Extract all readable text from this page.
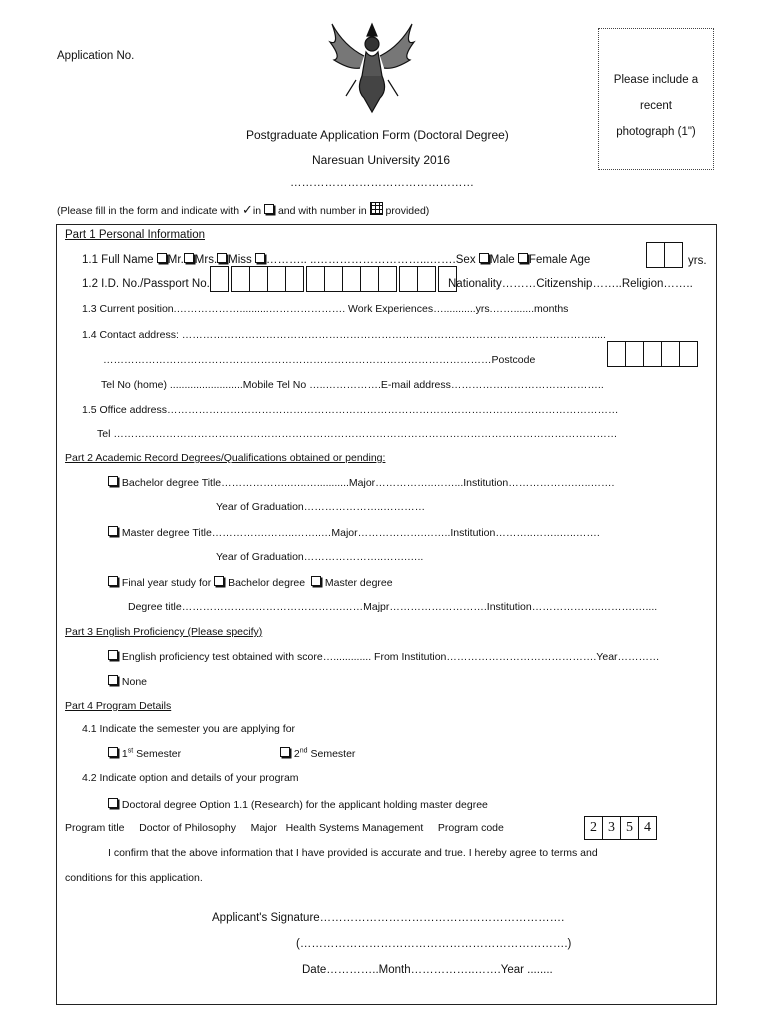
Application No.
Postgraduate Application Form (Doctoral Degree)
Naresuan University 2016
…………………………………………
Please include a
recent
photograph (1")
(Please fill in the form and indicate with ✓in and with number in provided)
Part 1 Personal Information
1.1 Full Name Mr. Mrs. Miss ……….. ..………………………...…….Sex Male Female Age	yrs.
1.2 I.D. No./Passport No.	Nationality………Citizenship……..Religion……..
1.3 Current position.………………..........…………………. Work Experiences…...........yrs.…….......months
1.4 Contact address: ……………………………………………………………………………………………………….....
…………………………………………………………………………………………………Postcode
Tel No (home) .........................Mobile Tel No …..…………….E-mail address……………………………………..
1.5 Office address…………………………………………………………………………………………………………………
Tel ………………………………………………………………………………………………………………………………
Part 2 Academic Record Degrees/Qualifications obtained or pending:
Bachelor degree Title………………..…..…...........Major……………..……...Institution……………….…..…….
Year of Graduation…………………..…………
Master degree Title…………….……..……..…Major……………….……..Institution………..……..…..…….
Year of Graduation…………………..…….…..
Final year study for Bachelor degree Master degree
Degree title……………………………………….……Majpr……………………….Institution………………..……….…....
Part 3 English Proficiency (Please specify)
English proficiency test obtained with score…............. From Institution…………………………………….Year…………
None
Part 4 Program Details
4.1 Indicate the semester you are applying for
1st Semester	2nd Semester
4.2 Indicate option and details of your program
Doctoral degree Option 1.1 (Research) for the applicant holding master degree
Program title     Doctor of Philosophy     Major   Health Systems Management     Program code	2 3 5 4
I confirm that the above information that I have provided is accurate and true. I hereby agree to terms and
conditions for this application.
Applicant's Signature……………………………………………………….
(…………………………………………………………….)
Date…………..Month……………..…….Year ........
